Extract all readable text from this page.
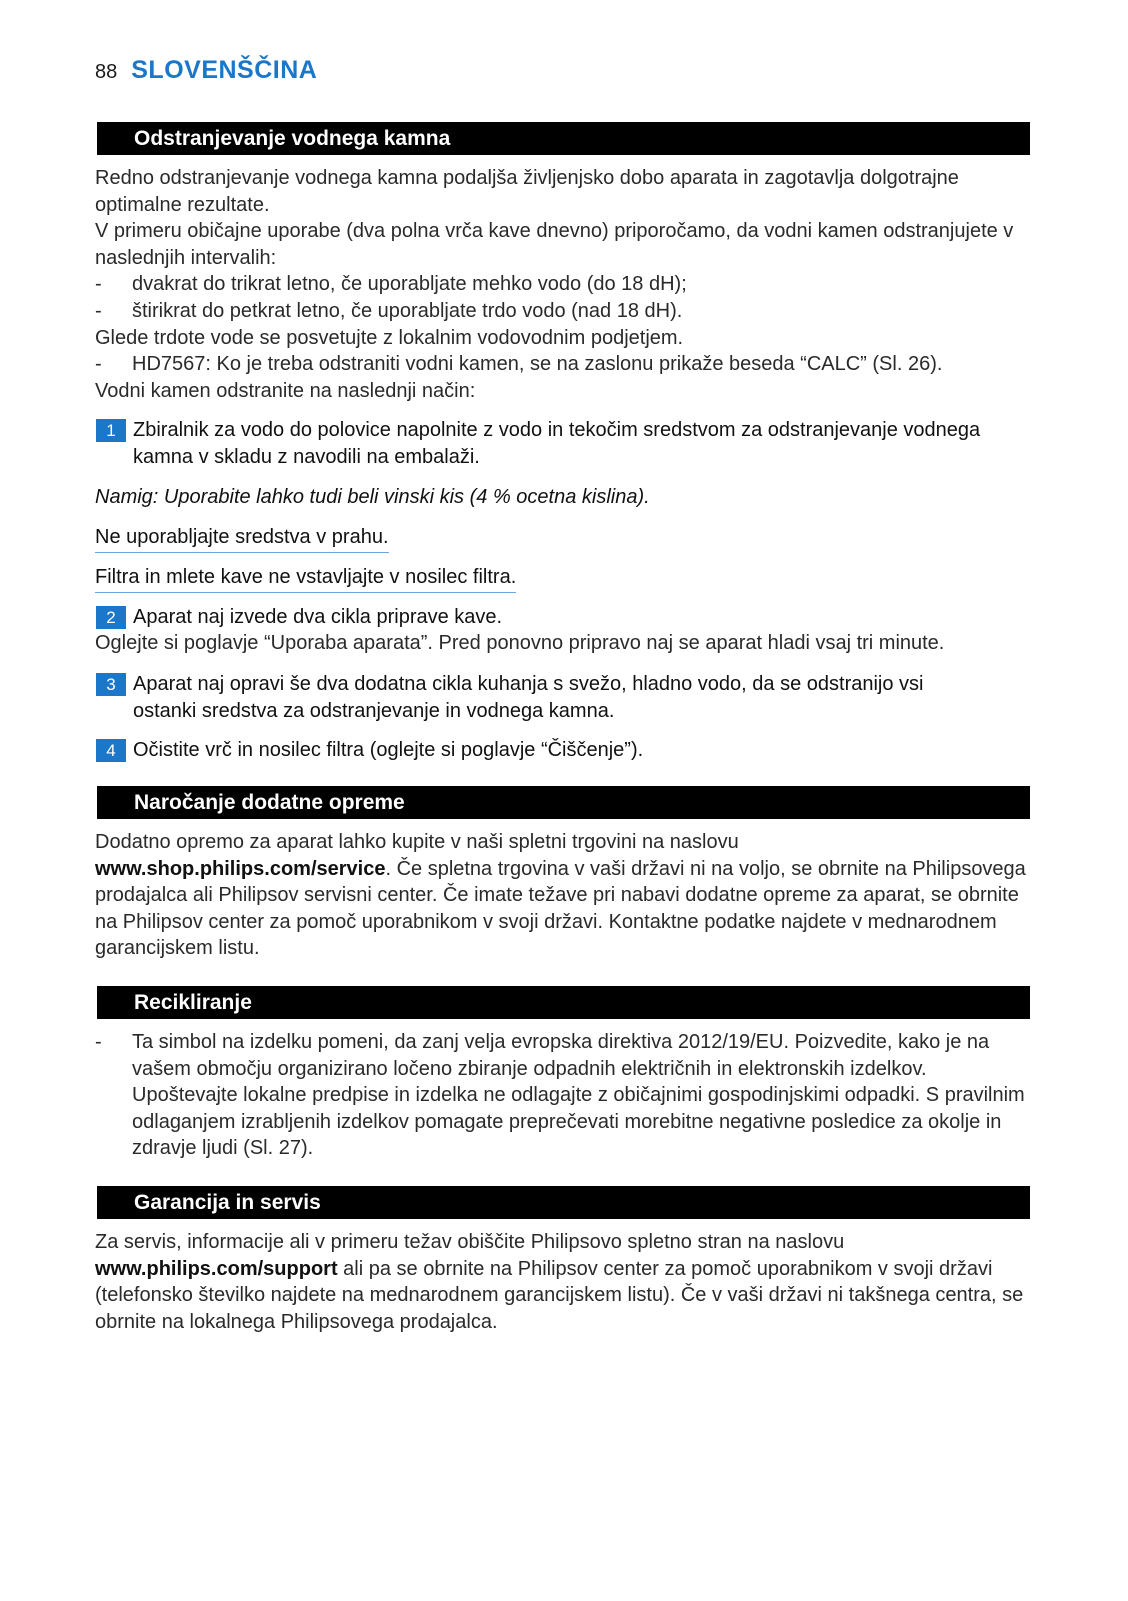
88 SLOVENŠČINA
Odstranjevanje vodnega kamna

Redno odstranjevanje vodnega kamna podaljša življenjsko dobo aparata in zagotavlja dolgotrajne optimalne rezultate.

V primeru običajne uporabe (dva polna vrča kave dnevno) priporočamo, da vodni kamen odstranjujete v naslednjih intervalih:

-	dvakrat do trikrat letno, če uporabljate mehko vodo (do 18 dH);
-	štirikrat do petkrat letno, če uporabljate trdo vodo (nad 18 dH).

Glede trdote vode se posvetujte z lokalnim vodovodnim podjetjem.

-	HD7567: Ko je treba odstraniti vodni kamen, se na zaslonu prikaže beseda “CALC” (Sl. 26).

Vodni kamen odstranite na naslednji način:

1 Zbiralnik za vodo do polovice napolnite z vodo in tekočim sredstvom za odstranjevanje vodnega kamna v skladu z navodili na embalaži.
Namig: Uporabite lahko tudi beli vinski kis (4 % ocetna kislina).
Ne uporabljajte sredstva v prahu.
Filtra in mlete kave ne vstavljajte v nosilec filtra.
2 Aparat naj izvede dva cikla priprave kave.
Oglejte si poglavje “Uporaba aparata”. Pred ponovno pripravo naj se aparat hladi vsaj tri minute.
3 Aparat naj opravi še dva dodatna cikla kuhanja s svežo, hladno vodo, da se odstranijo vsi ostanki sredstva za odstranjevanje in vodnega kamna.
4 Očistite vrč in nosilec filtra (oglejte si poglavje “Čiščenje”).
Naročanje dodatne opreme

Dodatno opremo za aparat lahko kupite v naši spletni trgovini na naslovu www.shop.philips.com/service. Če spletna trgovina v vaši državi ni na voljo, se obrnite na Philipsovega prodajalca ali Philipsov servisni center. Če imate težave pri nabavi dodatne opreme za aparat, se obrnite na Philipsov center za pomoč uporabnikom v svoji državi. Kontaktne podatke najdete v mednarodnem garancijskem listu.

Recikliranje
-	Ta simbol na izdelku pomeni, da zanj velja evropska direktiva 2012/19/EU. Poizvedite, kako je na vašem območju organizirano ločeno zbiranje odpadnih električnih in elektronskih izdelkov. Upoštevajte lokalne predpise in izdelka ne odlagajte z običajnimi gospodinjskimi odpadki. S pravilnim odlaganjem izrabljenih izdelkov pomagate preprečevati morebitne negativne posledice za okolje in zdravje ljudi (Sl. 27).
Garancija in servis

Za servis, informacije ali v primeru težav obiščite Philipsovo spletno stran na naslovu www.philips.com/support ali pa se obrnite na Philipsov center za pomoč uporabnikom v svoji državi (telefonsko številko najdete na mednarodnem garancijskem listu). Če v vaši državi ni takšnega centra, se obrnite na lokalnega Philipsovega prodajalca.
